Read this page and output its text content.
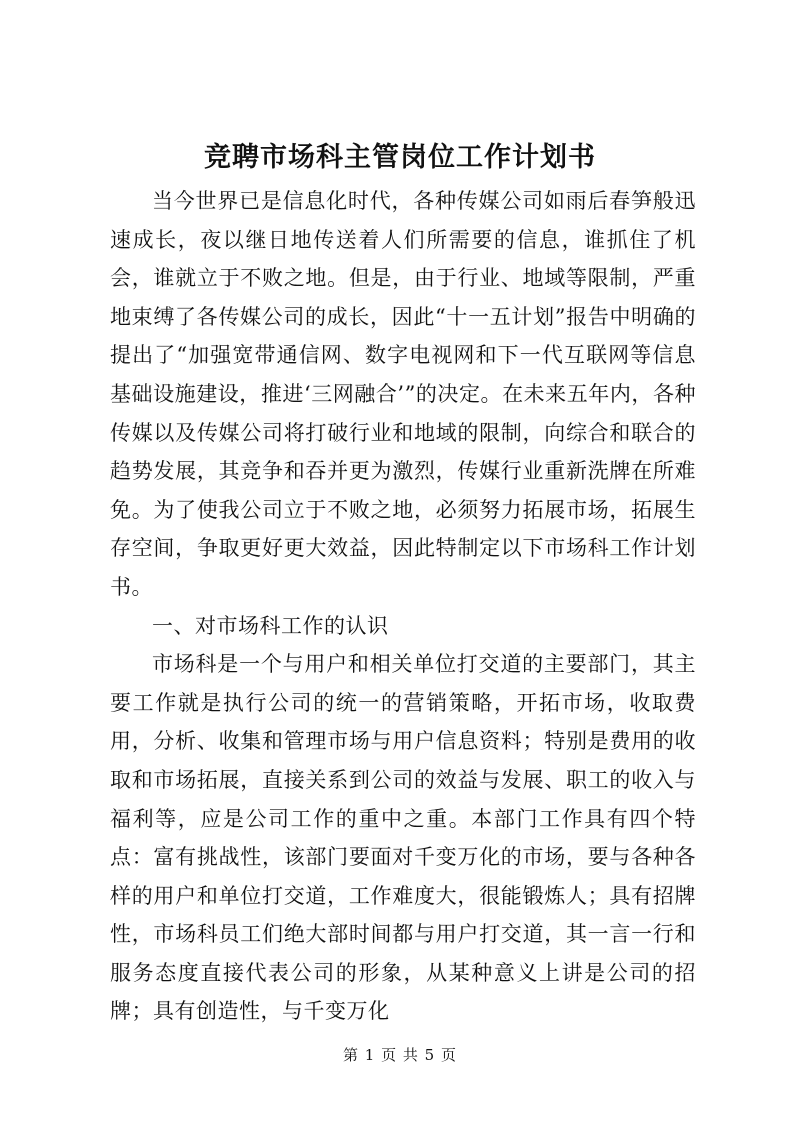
竞聘市场科主管岗位工作计划书

当今世界已是信息化时代，各种传媒公司如雨后春笋般迅速成长，夜以继日地传送着人们所需要的信息，谁抓住了机会，谁就立于不败之地。但是，由于行业、地域等限制，严重地束缚了各传媒公司的成长，因此“十一五计划”报告中明确的提出了“加强宽带通信网、数字电视网和下一代互联网等信息基础设施建设，推进‘三网融合’”的决定。在未来五年内，各种传媒以及传媒公司将打破行业和地域的限制，向综合和联合的趋势发展，其竞争和吞并更为激烈，传媒行业重新洗牌在所难免。为了使我公司立于不败之地，必须努力拓展市场，拓展生存空间，争取更好更大效益，因此特制定以下市场科工作计划书。

一、对市场科工作的认识

市场科是一个与用户和相关单位打交道的主要部门，其主要工作就是执行公司的统一的营销策略，开拓市场，收取费用，分析、收集和管理市场与用户信息资料；特别是费用的收取和市场拓展，直接关系到公司的效益与发展、职工的收入与福利等，应是公司工作的重中之重。本部门工作具有四个特点：富有挑战性，该部门要面对千变万化的市场，要与各种各样的用户和单位打交道，工作难度大，很能锻炼人；具有招牌性，市场科员工们绝大部时间都与用户打交道，其一言一行和服务态度直接代表公司的形象，从某种意义上讲是公司的招牌；具有创造性，与千变万化

第 1 页 共 5 页
